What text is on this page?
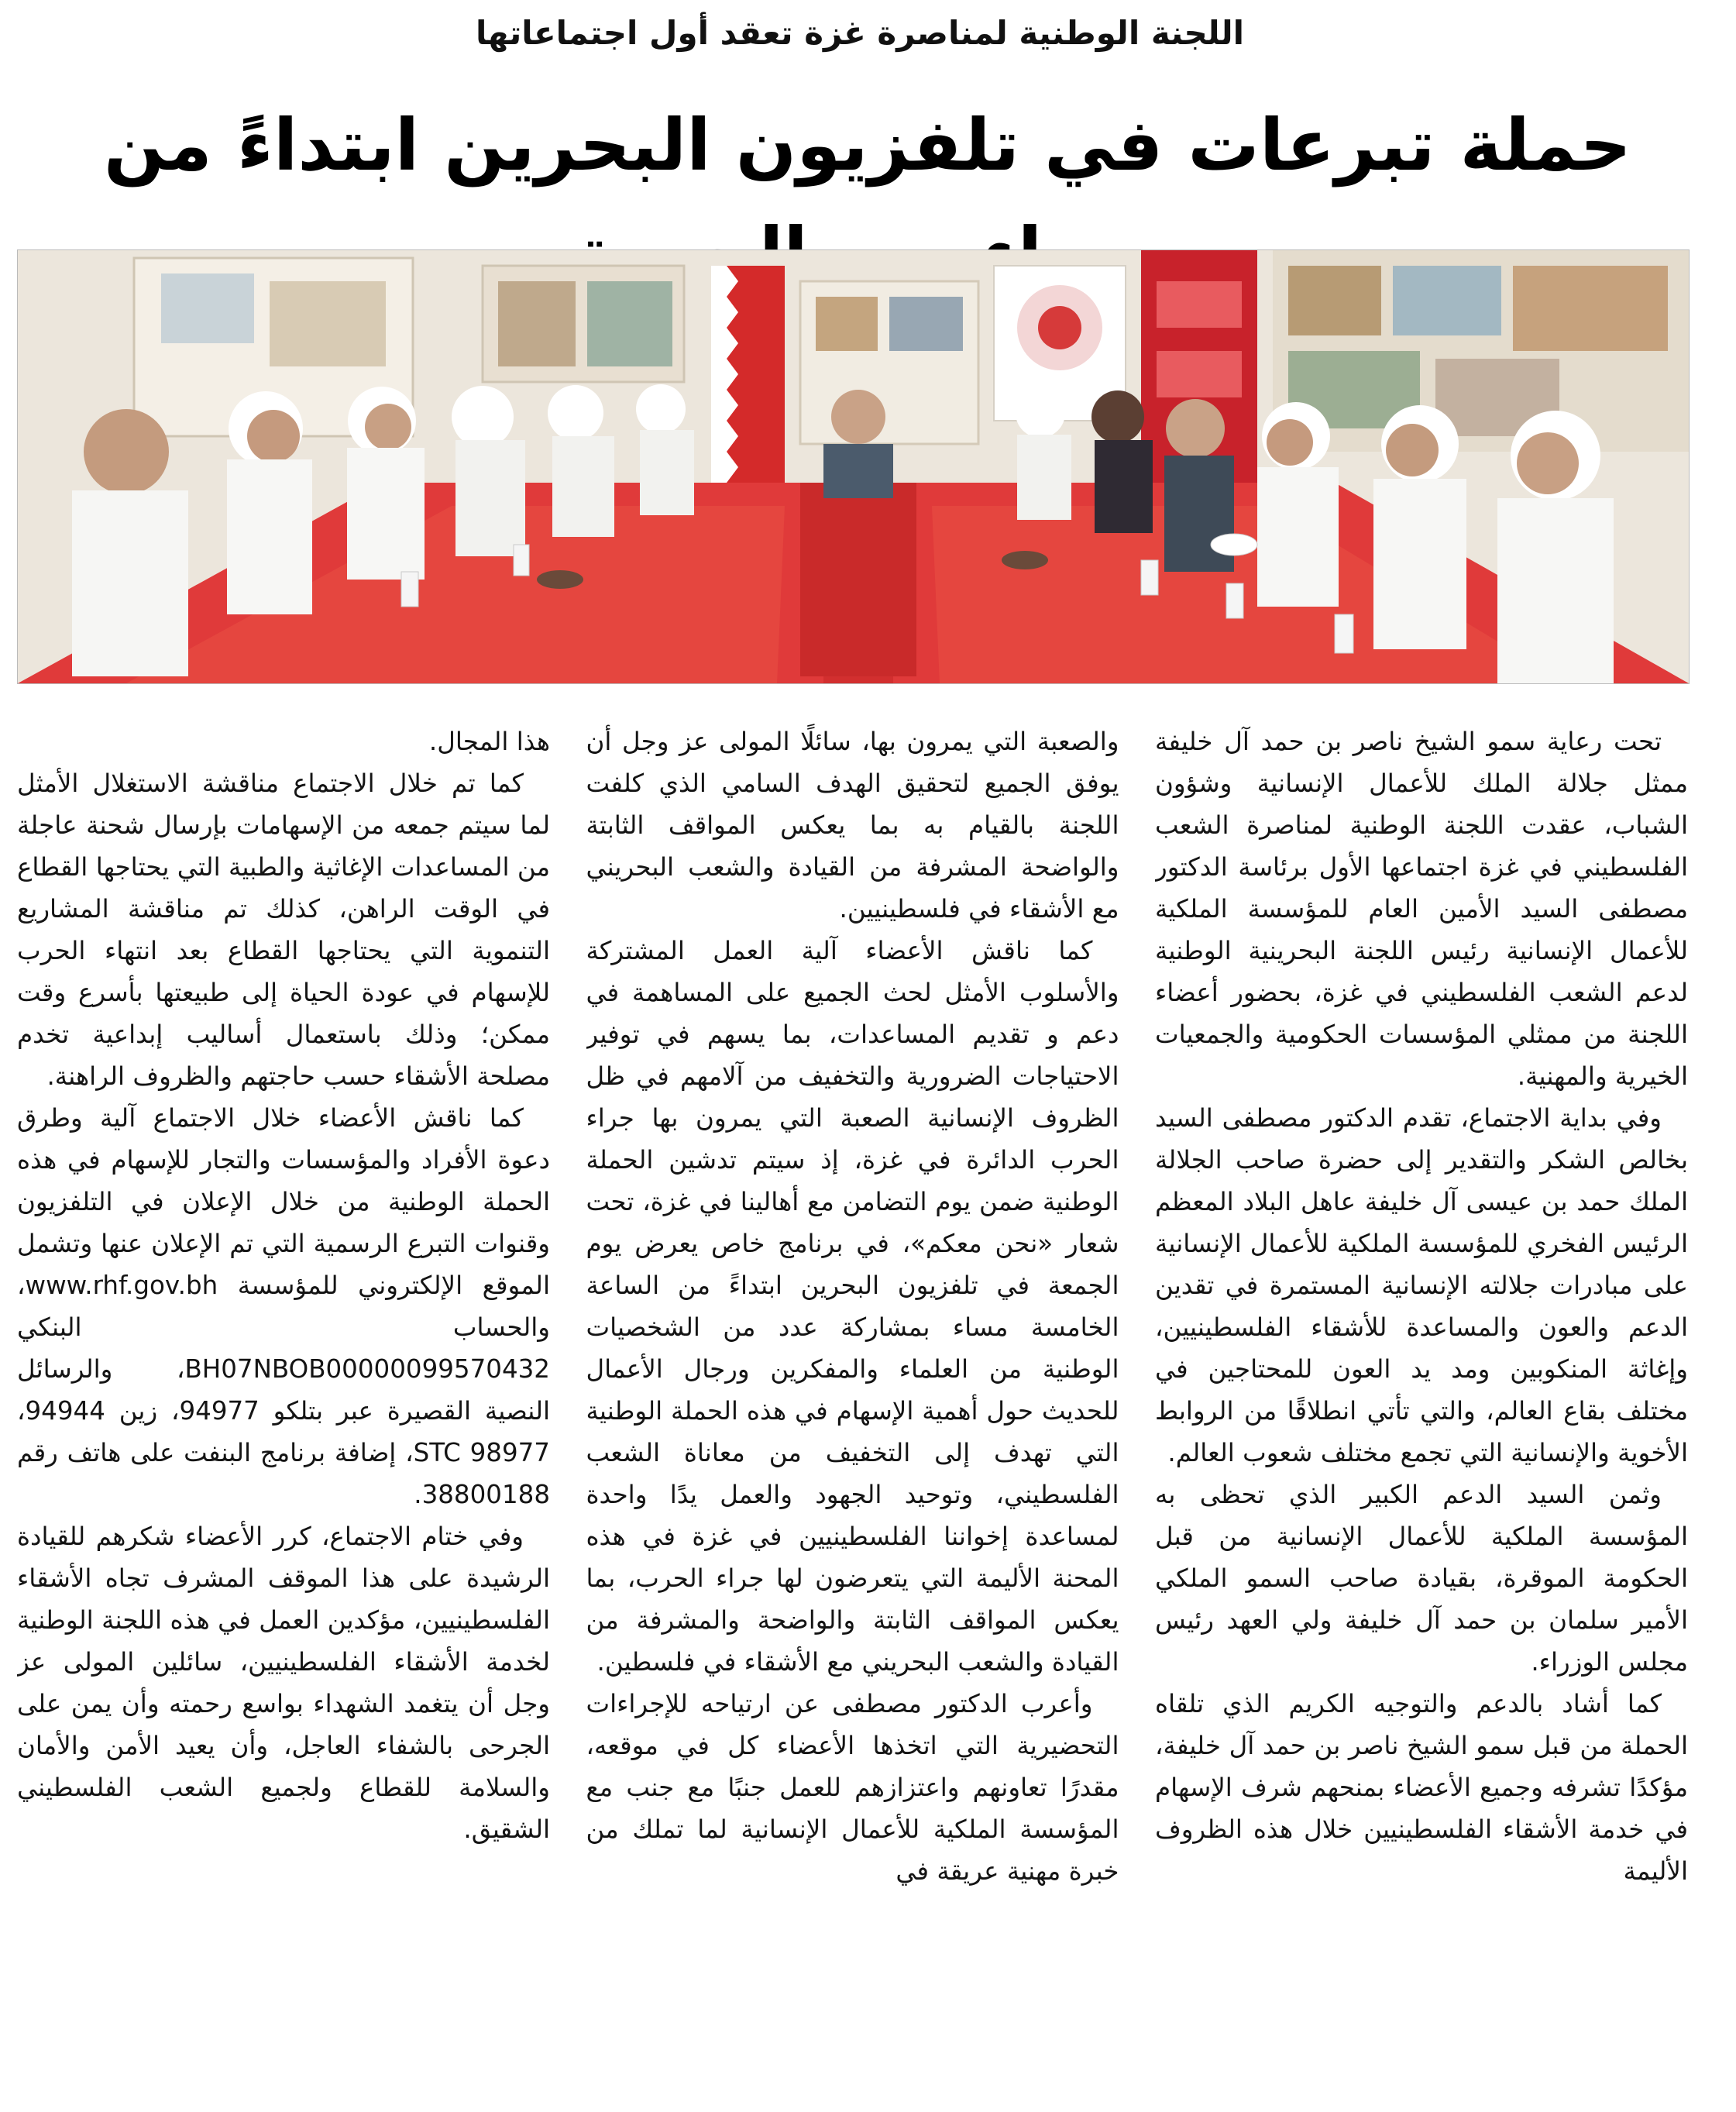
اللجنة الوطنية لمناصرة غزة تعقد أول اجتماعاتها
حملة تبرعات في تلفزيون البحرين ابتداءً من

تحت رعاية سمو الشيخ ناصر بن حمد آل خليفة ممثل جلالة الملك للأعمال الإنسانية وشؤون الشباب، عقدت اللجنة الوطنية لمناصرة الشعب الفلسطيني في غزة اجتماعها الأول برئاسة الدكتور مصطفى السيد الأمين العام للمؤسسة الملكية للأعمال الإنسانية رئيس اللجنة البحرينية الوطنية لدعم الشعب الفلسطيني في غزة، بحضور أعضاء اللجنة من ممثلي المؤسسات الحكومية والجمعيات الخيرية والمهنية.

وفي بداية الاجتماع، تقدم الدكتور مصطفى السيد بخالص الشكر والتقدير إلى حضرة صاحب الجلالة الملك حمد بن عيسى آل خليفة عاهل البلاد المعظم الرئيس الفخري للمؤسسة الملكية للأعمال الإنسانية على مبادرات جلالته الإنسانية المستمرة في تقدين الدعم والعون والمساعدة للأشقاء الفلسطينيين، وإغاثة المنكوبين ومد يد العون للمحتاجين في مختلف بقاع العالم، والتي تأتي انطلاقًا من الروابط الأخوية والإنسانية التي تجمع مختلف شعوب العالم.

وثمن السيد الدعم الكبير الذي تحظى به المؤسسة الملكية للأعمال الإنسانية من قبل الحكومة الموقرة، بقيادة صاحب السمو الملكي الأمير سلمان بن حمد آل خليفة ولي العهد رئيس مجلس الوزراء.

كما أشاد بالدعم والتوجيه الكريم الذي تلقاه الحملة من قبل سمو الشيخ ناصر بن حمد آل خليفة، مؤكدًا تشرفه وجميع الأعضاء بمنحهم شرف الإسهام في خدمة الأشقاء الفلسطينيين خلال هذه الظروف الأليمة

والصعبة التي يمرون بها، سائلًا المولى عز وجل أن يوفق الجميع لتحقيق الهدف السامي الذي كلفت اللجنة بالقيام به بما يعكس المواقف الثابتة والواضحة المشرفة من القيادة والشعب البحريني مع الأشقاء في فلسطينيين.

كما ناقش الأعضاء آلية العمل المشتركة والأسلوب الأمثل لحث الجميع على المساهمة في دعم و تقديم المساعدات، بما يسهم في توفير الاحتياجات الضرورية والتخفيف من آلامهم في ظل الظروف الإنسانية الصعبة التي يمرون بها جراء الحرب الدائرة في غزة، إذ سيتم تدشين الحملة الوطنية ضمن يوم التضامن مع أهالينا في غزة، تحت شعار «نحن معكم»، في برنامج خاص يعرض يوم الجمعة في تلفزيون البحرين ابتداءً من الساعة الخامسة مساء بمشاركة عدد من الشخصيات الوطنية من العلماء والمفكرين ورجال الأعمال للحديث حول أهمية الإسهام في هذه الحملة الوطنية التي تهدف إلى التخفيف من معاناة الشعب الفلسطيني، وتوحيد الجهود والعمل يدًا واحدة لمساعدة إخواننا الفلسطينيين في غزة في هذه المحنة الأليمة التي يتعرضون لها جراء الحرب، بما يعكس المواقف الثابتة والواضحة والمشرفة من القيادة والشعب البحريني مع الأشقاء في فلسطين.

وأعرب الدكتور مصطفى عن ارتياحه للإجراءات التحضيرية التي اتخذها الأعضاء كل في موقعه، مقدرًا تعاونهم واعتزازهم للعمل جنبًا مع جنب مع المؤسسة الملكية للأعمال الإنسانية لما تملك من خبرة مهنية عريقة في

هذا المجال.

كما تم خلال الاجتماع مناقشة الاستغلال الأمثل لما سيتم جمعه من الإسهامات بإرسال شحنة عاجلة من المساعدات الإغاثية والطبية التي يحتاجها القطاع في الوقت الراهن، كذلك تم مناقشة المشاريع التنموية التي يحتاجها القطاع بعد انتهاء الحرب للإسهام في عودة الحياة إلى طبيعتها بأسرع وقت ممكن؛ وذلك باستعمال أساليب إبداعية تخدم مصلحة الأشقاء حسب حاجتهم والظروف الراهنة.

كما ناقش الأعضاء خلال الاجتماع آلية وطرق دعوة الأفراد والمؤسسات والتجار للإسهام في هذه الحملة الوطنية من خلال الإعلان في التلفزيون وقنوات التبرع الرسمية التي تم الإعلان عنها وتشمل الموقع الإلكتروني للمؤسسة www.rhf.gov.bh، والحساب البنكي BH07NBOB00000099570432، والرسائل النصية القصيرة عبر بتلكو 94977، زين 94944، STC 98977، إضافة برنامج البنفت على هاتف رقم 38800188.

وفي ختام الاجتماع، كرر الأعضاء شكرهم للقيادة الرشيدة على هذا الموقف المشرف تجاه الأشقاء الفلسطينيين، مؤكدين العمل في هذه اللجنة الوطنية لخدمة الأشقاء الفلسطينيين، سائلين المولى عز وجل أن يتغمد الشهداء بواسع رحمته وأن يمن على الجرحى بالشفاء العاجل، وأن يعيد الأمن والأمان والسلامة للقطاع ولجميع الشعب الفلسطيني الشقيق.
